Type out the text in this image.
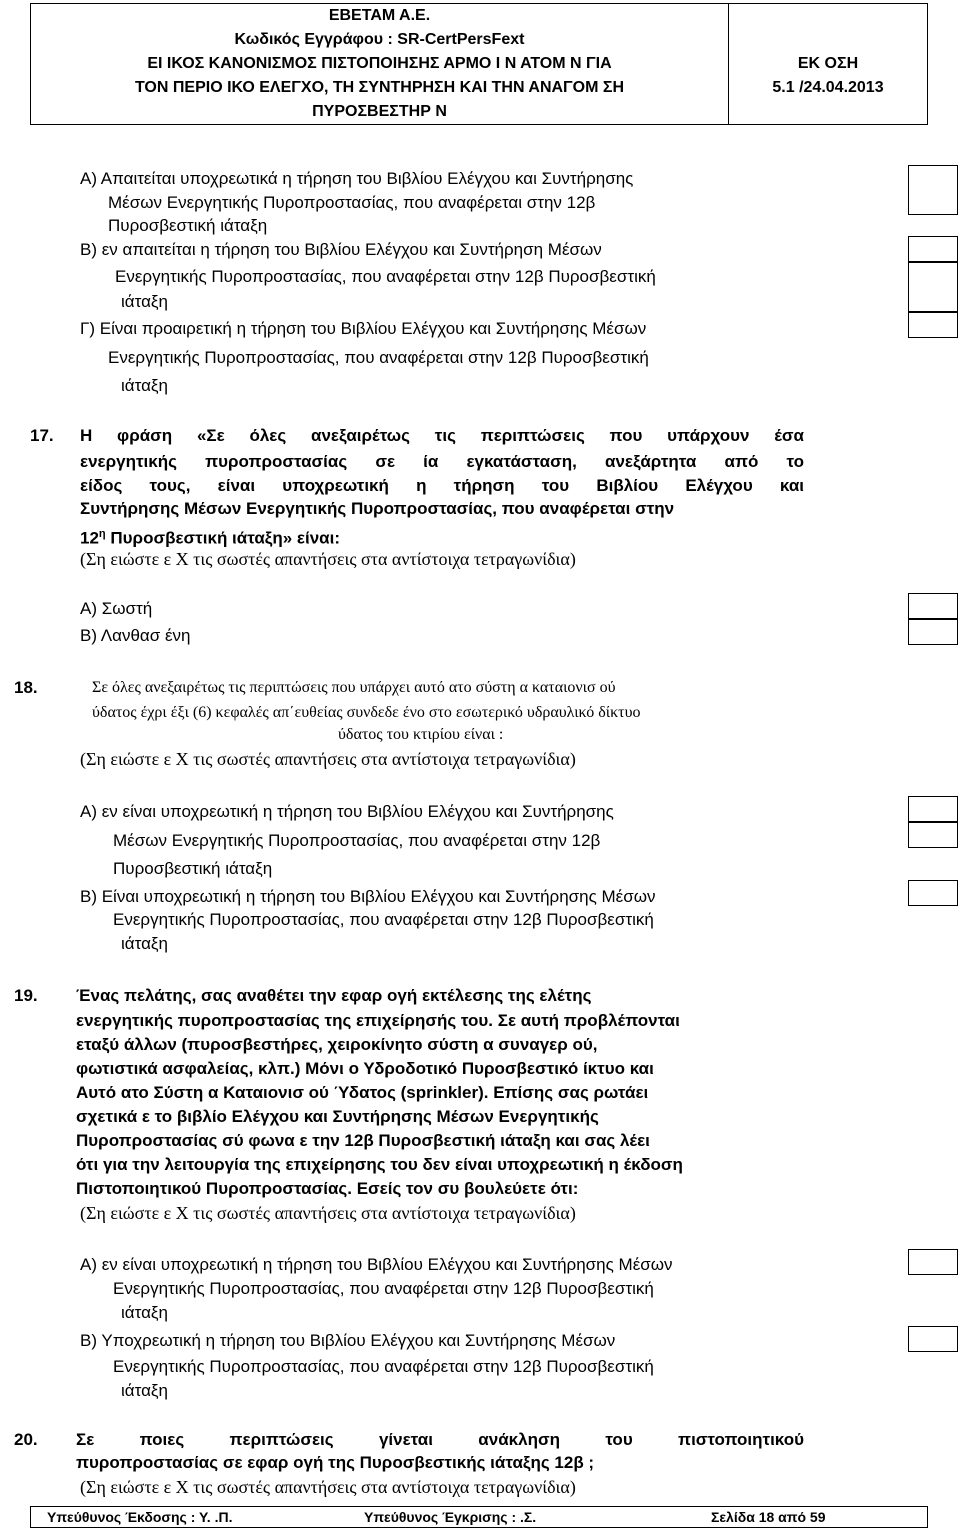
ΕΒΕΤΑΜ Α.Ε.
Κωδικός Εγγράφου : SR-CertPersFext
ΕΙ ΙΚΟΣ ΚΑΝΟΝΙΣΜΟΣ ΠΙΣΤΟΠΟΙΗΣΗΣ ΑΡΜΟ Ι Ν ΑΤΟΜ Ν ΓΙΑ
ΤΟΝ ΠΕΡΙΟ ΙΚΟ ΕΛΕΓΧΟ, ΤΗ ΣΥΝΤΗΡΗΣΗ ΚΑΙ ΤΗΝ ΑΝΑΓΟΜ ΣΗ
ΠΥΡΟΣΒΕΣΤΗΡ Ν

ΕΚ ΟΣΗ
5.1 /24.04.2013
Α) Απαιτείται υποχρεωτικά η τήρηση του Βιβλίου Ελέγχου και Συντήρησης
Μέσων Ενεργητικής Πυροπροστασίας, που αναφέρεται στην 12β
Πυροσβεστική ιάταξη
Β) εν απαιτείται η τήρηση του Βιβλίου Ελέγχου και Συντήρηση Μέσων
Ενεργητικής Πυροπροστασίας, που αναφέρεται στην 12β Πυροσβεστική
ιάταξη
Γ) Είναι προαιρετική η τήρηση του Βιβλίου Ελέγχου και Συντήρησης Μέσων
Ενεργητικής Πυροπροστασίας, που αναφέρεται στην 12β Πυροσβεστική
ιάταξη
17. Η φράση «Σε όλες ανεξαιρέτως τις περιπτώσεις που υπάρχουν έσα
ενεργητικής πυροπροστασίας σε ία εγκατάσταση, ανεξάρτητα από το
είδος τους, είναι υποχρεωτική η τήρηση του Βιβλίου Ελέγχου και
Συντήρησης Μέσων Ενεργητικής Πυροπροστασίας, που αναφέρεται στην
$12^\eta$ Πυροσβεστική ιάταξη» είναι:
(Ση ειώστε ε Χ τις σωστές απαντήσεις στα αντίστοιχα τετραγωνίδια)
Α) Σωστή
Β) Λανθασ ένη
18.	Σε όλες ανεξαιρέτως τις περιπτώσεις που υπάρχει αυτό ατο σύστη α καταιονισ ού
ύδατος έχρι έξι (6) κεφαλές απ΄ευθείας συνδεδε ένο στο εσωτερικό υδραυλικό δίκτυο
ύδατος του κτιρίου είναι :
(Ση ειώστε ε Χ τις σωστές απαντήσεις στα αντίστοιχα τετραγωνίδια)
Α) εν είναι υποχρεωτική η τήρηση του Βιβλίου Ελέγχου και Συντήρησης
Μέσων Ενεργητικής Πυροπροστασίας, που αναφέρεται στην 12β
Πυροσβεστική ιάταξη
Β) Είναι υποχρεωτική η τήρηση του Βιβλίου Ελέγχου και Συντήρησης Μέσων
Ενεργητικής Πυροπροστασίας, που αναφέρεται στην 12β Πυροσβεστική
ιάταξη
19. Ένας πελάτης, σας αναθέτει την εφαρ ογή εκτέλεσης της ελέτης
ενεργητικής πυροπροστασίας της επιχείρησής του. Σε αυτή προβλέπονται
εταξύ άλλων (πυροσβεστήρες, χειροκίνητο σύστη α συναγερ ού,
φωτιστικά ασφαλείας, κλπ.) Μόνι ο Υδροδοτικό Πυροσβεστικό ίκτυο και
Αυτό ατο Σύστη α Καταιονισ ού Ύδατος (sprinkler). Επίσης σας ρωτάει
σχετικά ε το βιβλίο Ελέγχου και Συντήρησης Μέσων Ενεργητικής
Πυροπροστασίας σύ φωνα ε την 12β Πυροσβεστική ιάταξη και σας λέει
ότι για την λειτουργία της επιχείρησης του δεν είναι υποχρεωτική η έκδοση
Πιστοποιητικού Πυροπροστασίας. Εσείς τον συ βουλεύετε ότι:
(Ση ειώστε ε Χ τις σωστές απαντήσεις στα αντίστοιχα τετραγωνίδια)
Α) εν είναι υποχρεωτική η τήρηση του Βιβλίου Ελέγχου και Συντήρησης Μέσων
Ενεργητικής Πυροπροστασίας, που αναφέρεται στην 12β Πυροσβεστική
ιάταξη
Β) Υποχρεωτική η τήρηση του Βιβλίου Ελέγχου και Συντήρησης Μέσων
Ενεργητικής Πυροπροστασίας, που αναφέρεται στην 12β Πυροσβεστική
ιάταξη
20. Σε ποιες περιπτώσεις γίνεται ανάκληση του πιστοποιητικού
πυροπροστασίας σε εφαρ ογή της Πυροσβεστικής ιάταξης 12β ;
(Ση ειώστε ε Χ τις σωστές απαντήσεις στα αντίστοιχα τετραγωνίδια)
Υπεύθυνος Έκδοσης : Υ. .Π.	Υπεύθυνος Έγκρισης : .Σ.	Σελίδα 18 από 59
